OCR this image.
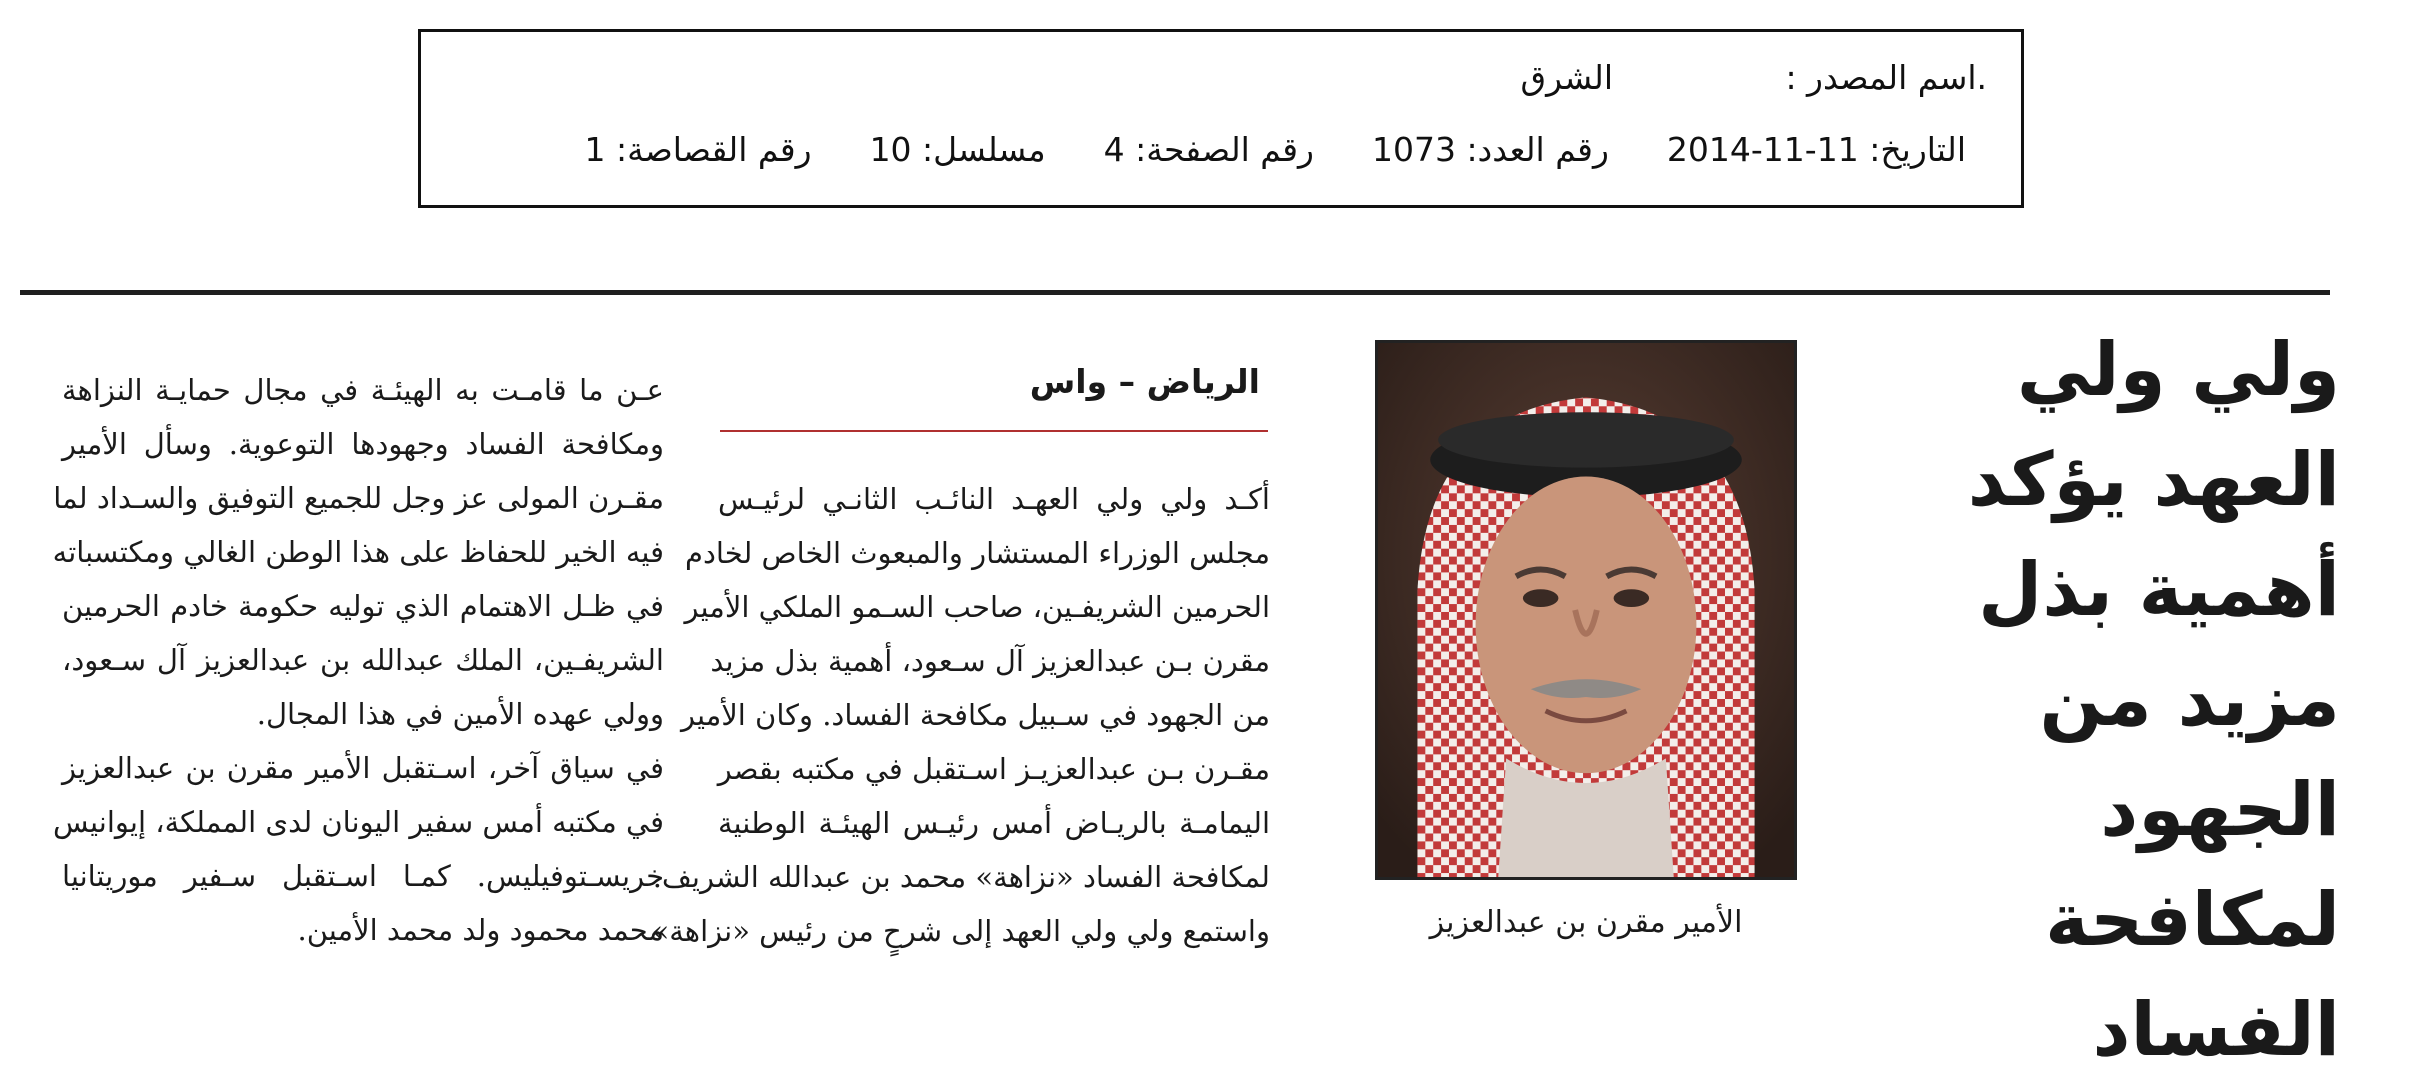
.اسم المصدر :
الشرق
التاريخ: 11-11-2014
رقم العدد: 1073
رقم الصفحة: 4
مسلسل: 10
رقم القصاصة: 1
ولي ولي
العهد يؤكد
أهمية بذل
مزيد من
الجهود لمكافحة
الفساد
الأمير مقرن بن عبدالعزيز
الرياض – واس
أكـد ولي ولي العهـد النائـب الثانـي لرئيـس
مجلس الوزراء المستشار والمبعوث الخاص لخادم
الحرمين الشريفـين، صاحب السـمو الملكي الأمير
مقرن بـن عبدالعزيز آل سـعود، أهمية بذل مزيد
من الجهود في سـبيل مكافحة الفساد. وكان الأمير
مقـرن بـن عبدالعزيـز اسـتقبل في مكتبه بقصر
اليمامـة بالريـاض أمس رئيـس الهيئـة الوطنية
لمكافحة الفساد «نزاهة» محمد بن عبدالله الشريف.
واستمع ولي ولي العهد إلى شرحٍ من رئيس «نزاهة»
عـن ما قامـت به الهيئـة في مجال حمايـة النزاهة
ومكافحة الفساد وجهودها التوعوية. وسأل الأمير
مقـرن المولى عز وجل للجميع التوفيق والسـداد لما
فيه الخير للحفاظ على هذا الوطن الغالي ومكتسباته
في ظـل الاهتمام الذي توليه حكومة خادم الحرمين
الشريفـين، الملك عبدالله بن عبدالعزيز آل سـعود،
وولي عهده الأمين في هذا المجال.
في سياق آخر، اسـتقبل الأمير مقرن بن عبدالعزيز
في مكتبه أمس سفير اليونان لدى المملكة، إيوانيس
خريسـتوفيليس. كمـا اسـتقبل سـفير موريتانيا
محمد محمود ولد محمد الأمين.
